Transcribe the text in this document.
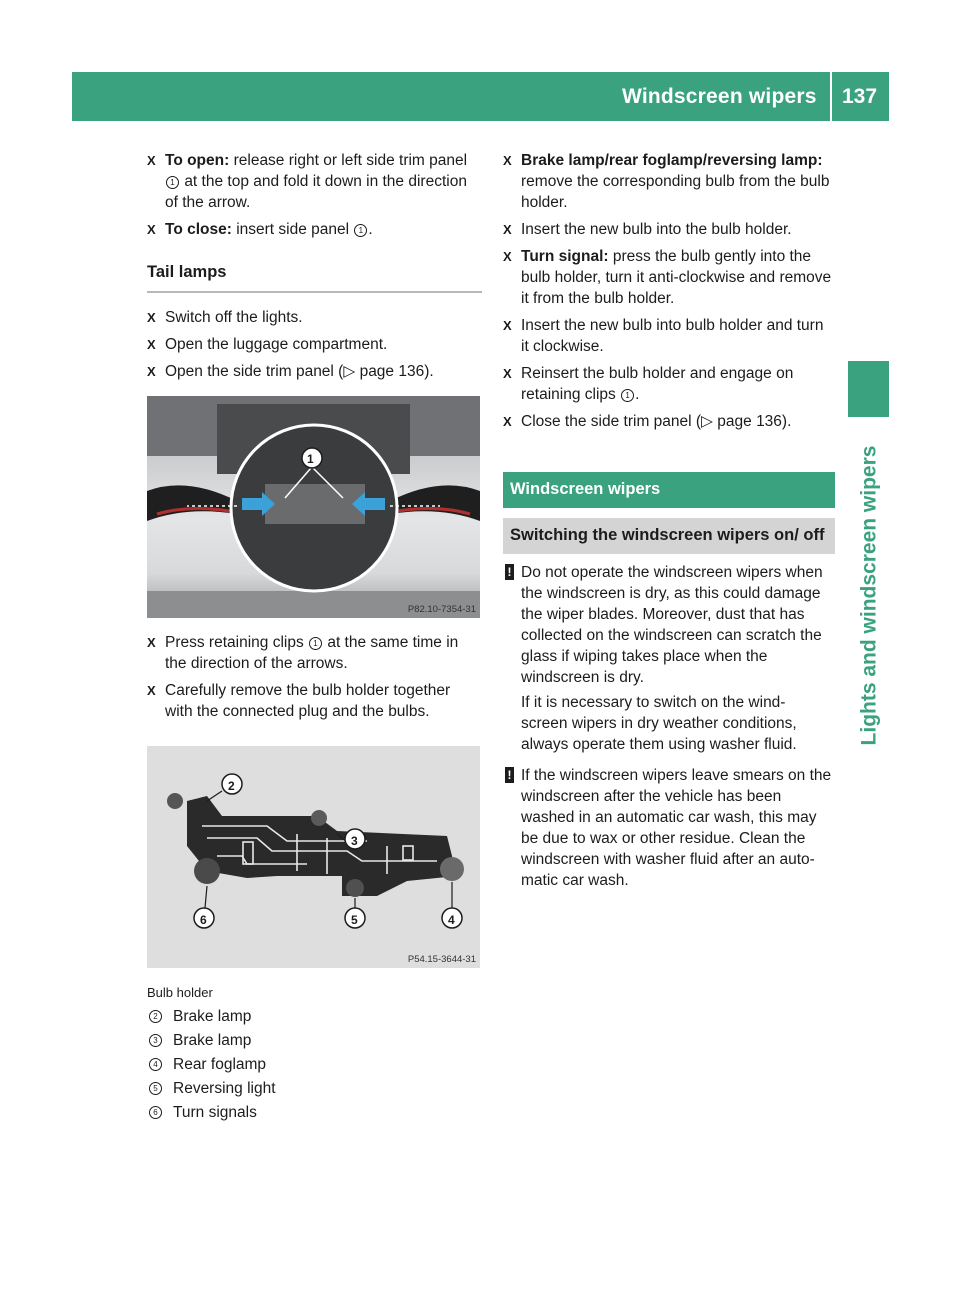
Windscreen wipers 137
Lights and windscreen wipers
X To open: release right or left side trim panel 1 at the top and fold it down in the direction of the arrow.
X To close: insert side panel 1 .
Tail lamps
X Switch off the lights.
X Open the luggage compartment.
X Open the side trim panel (▷ page 136).
1
P82.10-7354-31
X Press retaining clips 1 at the same time in the direction of the arrows.
X Carefully remove the bulb holder together with the connected plug and the bulbs.
2
3
4
5
6
P54.15-3644-31
Bulb holder
2 Brake lamp
3 Brake lamp
4 Rear foglamp
5 Reversing light
6 Turn signals
X Brake lamp/rear foglamp/reversing lamp: remove the corresponding bulb from the bulb holder.
X Insert the new bulb into the bulb holder.
X Turn signal: press the bulb gently into the bulb holder, turn it anti-clockwise and remove it from the bulb holder.
X Insert the new bulb into bulb holder and turn it clockwise.
X Reinsert the bulb holder and engage on retaining clips 1 .
X Close the side trim panel (▷ page 136).
Windscreen wipers
Switching the windscreen wipers on/ off
! Do not operate the windscreen wipers when the windscreen is dry, as this could damage the wiper blades. Moreover, dust that has collected on the windscreen can scratch the glass if wiping takes place when the windscreen is dry.
If it is necessary to switch on the wind- screen wipers in dry weather conditions, always operate them using washer fluid.
! If the windscreen wipers leave smears on the windscreen after the vehicle has been washed in an automatic car wash, this may be due to wax or other residue. Clean the windscreen with washer fluid after an auto- matic car wash.
